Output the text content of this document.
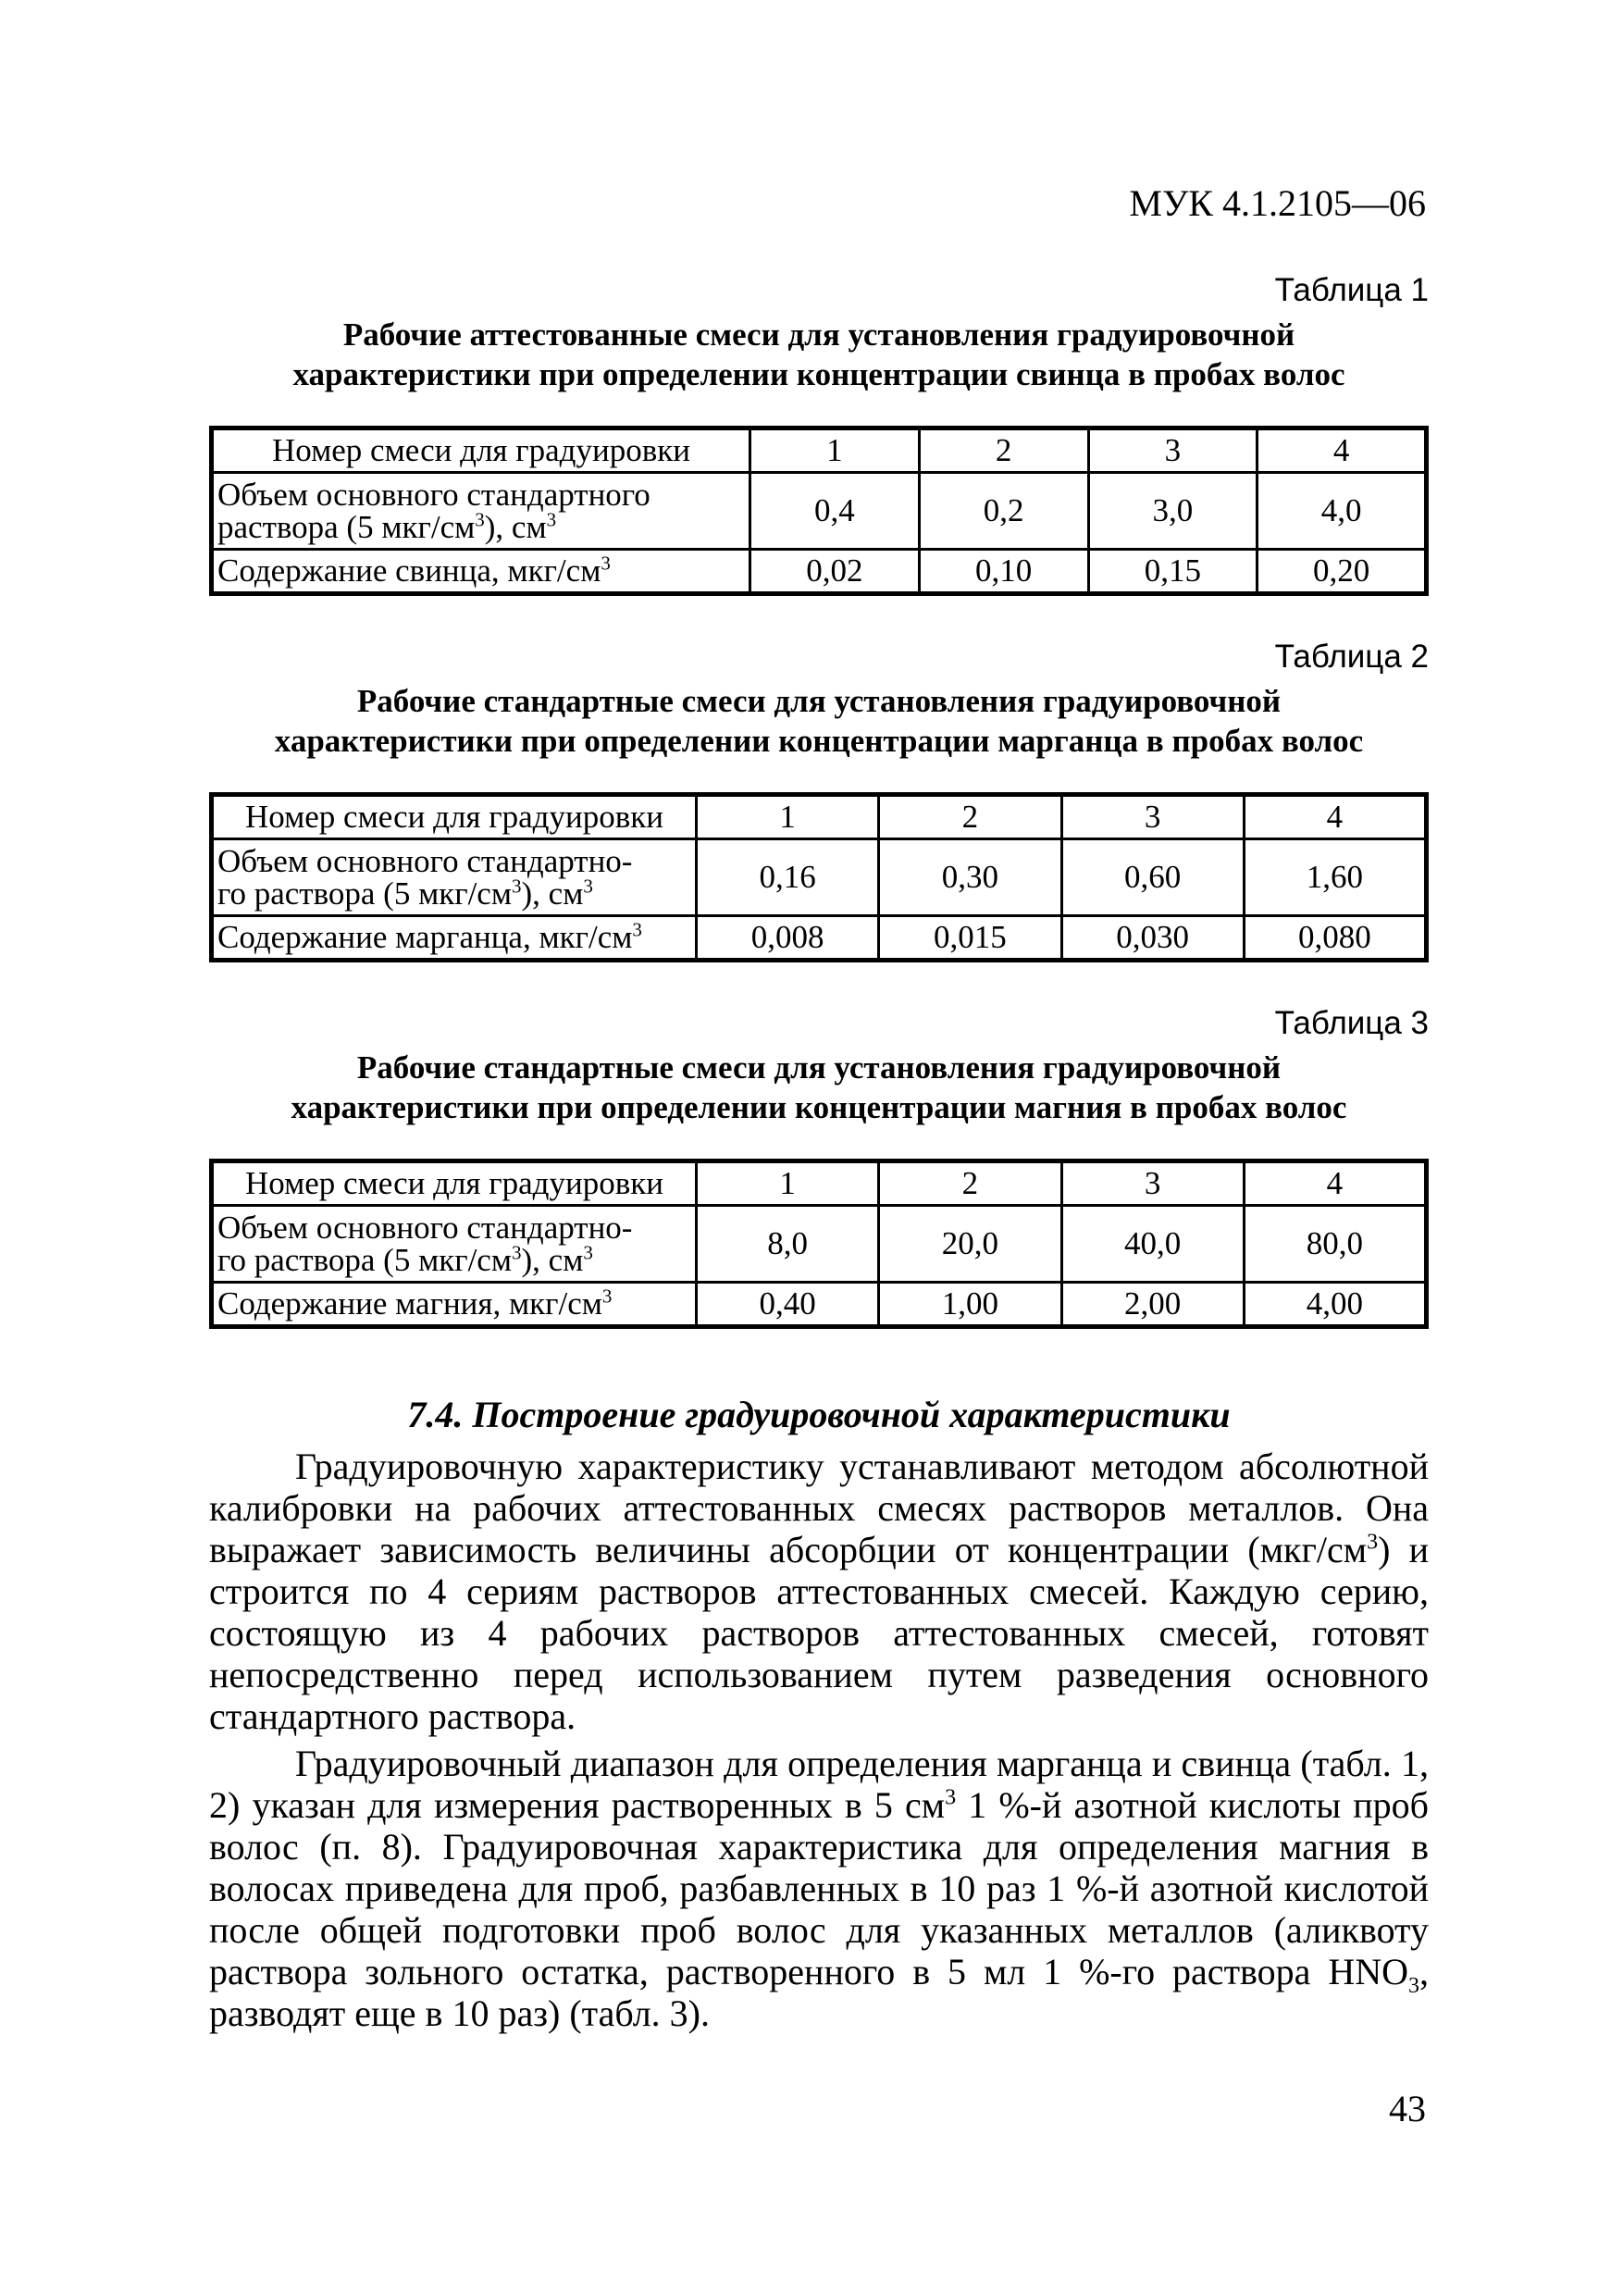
МУК 4.1.2105—06
Таблица 1
Рабочие аттестованные смеси для установления градуировочной
характеристики при определении концентрации свинца в пробах волос
Номер смеси для градуировки	1	2	3	4
Объем основного стандартного
раствора (5 мкг/$см^3$), $см^3$	0,4	0,2	3,0	4,0
Содержание свинца, мкг/$см^3$	0,02	0,10	0,15	0,20
Таблица 2
Рабочие стандартные смеси для установления градуировочной
характеристики при определении концентрации марганца в пробах волос
Номер смеси для градуировки	1	2	3	4
Объем основного стандартно-
го раствора (5 мкг/$см^3$), $см^3$	0,16	0,30	0,60	1,60
Содержание марганца, мкг/$см^3$	0,008	0,015	0,030	0,080
Таблица 3
Рабочие стандартные смеси для установления градуировочной
характеристики при определении концентрации магния в пробах волос
Номер смеси для градуировки	1	2	3	4
Объем основного стандартно-
го раствора (5 мкг/$см^3$), $см^3$	8,0	20,0	40,0	80,0
Содержание магния, мкг/$см^3$	0,40	1,00	2,00	4,00
7.4. Построение градуировочной характеристики

Градуировочную характеристику устанавливают методом абсолютной калибровки на рабочих аттестованных смесях растворов металлов. Она выражает зависимость величины абсорбции от концентрации $(мкг/см^3)$ и строится по 4 сериям растворов аттестованных смесей. Каждую серию, состоящую из 4 рабочих растворов аттестованных смесей, готовят непосредственно перед использованием путем разведения основного стандартного раствора.

Градуировочный диапазон для определения марганца и свинца (табл. 1, 2) указан для измерения растворенных в 5 $см^3$ 1 %-й азотной кислоты проб волос (п. 8). Градуировочная характеристика для определения магния в волосах приведена для проб, разбавленных в 10 раз 1 %-й азотной кислотой после общей подготовки проб волос для указанных металлов (аликвоту раствора зольного остатка, растворенного в 5 мл 1 %-го раствора $HNO_3$, разводят еще в 10 раз) (табл. 3).

43
